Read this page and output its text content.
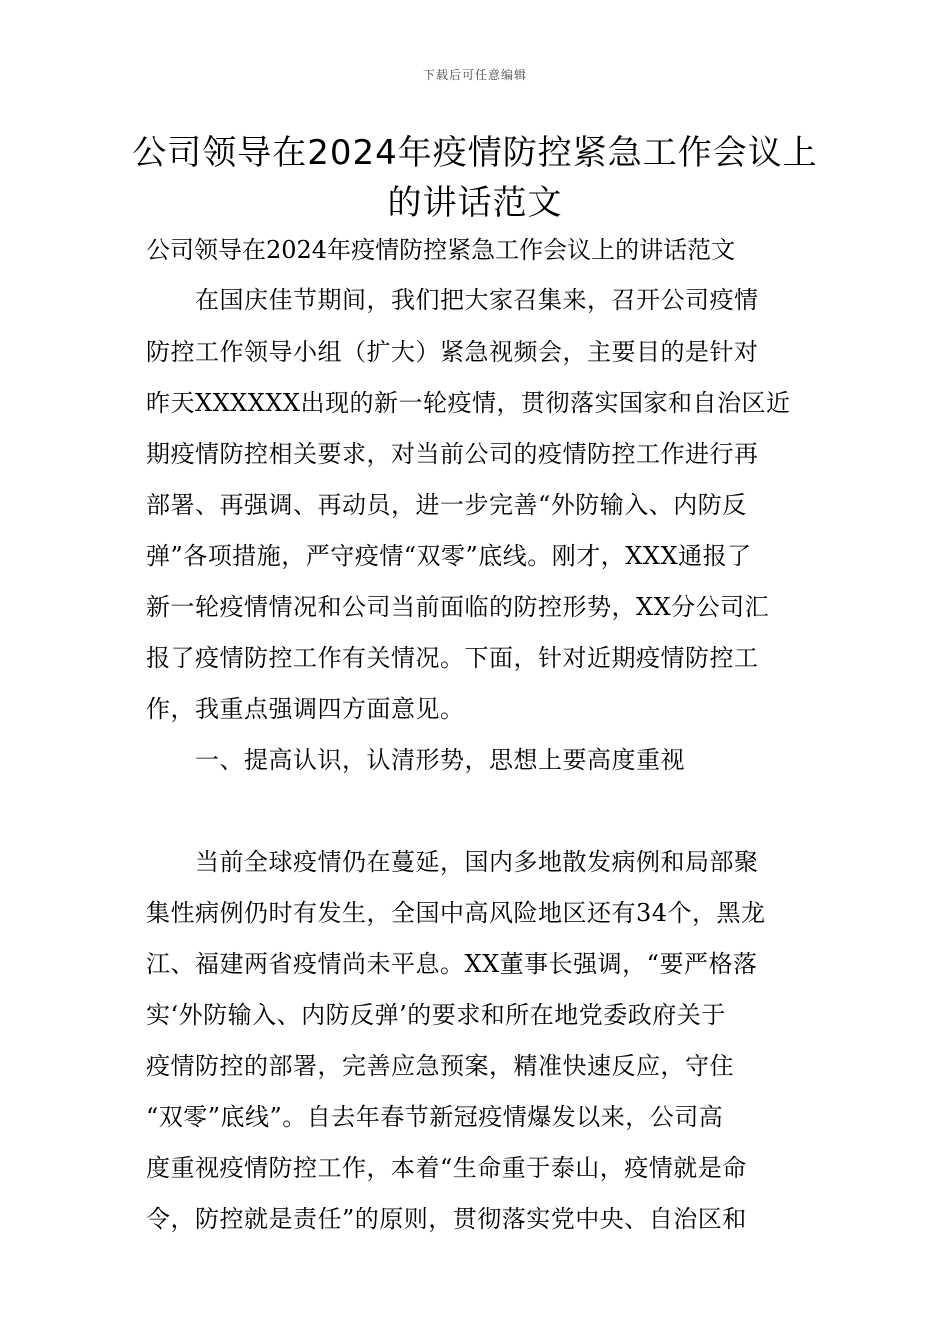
下载后可任意编辑
公司领导在2024年疫情防控紧急工作会议上的讲话范文
公司领导在2024年疫情防控紧急工作会议上的讲话范文
　　在国庆佳节期间，我们把大家召集来，召开公司疫情
防控工作领导小组（扩大）紧急视频会，主要目的是针对
昨天XXXXXX出现的新一轮疫情，贯彻落实国家和自治区近
期疫情防控相关要求，对当前公司的疫情防控工作进行再
部署、再强调、再动员，进一步完善“外防输入、内防反
弹”各项措施，严守疫情“双零”底线。刚才，XXX通报了
新一轮疫情情况和公司当前面临的防控形势，XX分公司汇
报了疫情防控工作有关情况。下面，针对近期疫情防控工
作，我重点强调四方面意见。
　　一、提高认识，认清形势，思想上要高度重视
　　当前全球疫情仍在蔓延，国内多地散发病例和局部聚
集性病例仍时有发生，全国中高风险地区还有34个，黑龙
江、福建两省疫情尚未平息。XX董事长强调，“要严格落
实‘外防输入、内防反弹’的要求和所在地党委政府关于
疫情防控的部署，完善应急预案，精准快速反应，守住
“双零”底线”。自去年春节新冠疫情爆发以来，公司高
度重视疫情防控工作，本着“生命重于泰山，疫情就是命
令，防控就是责任”的原则，贯彻落实党中央、自治区和
